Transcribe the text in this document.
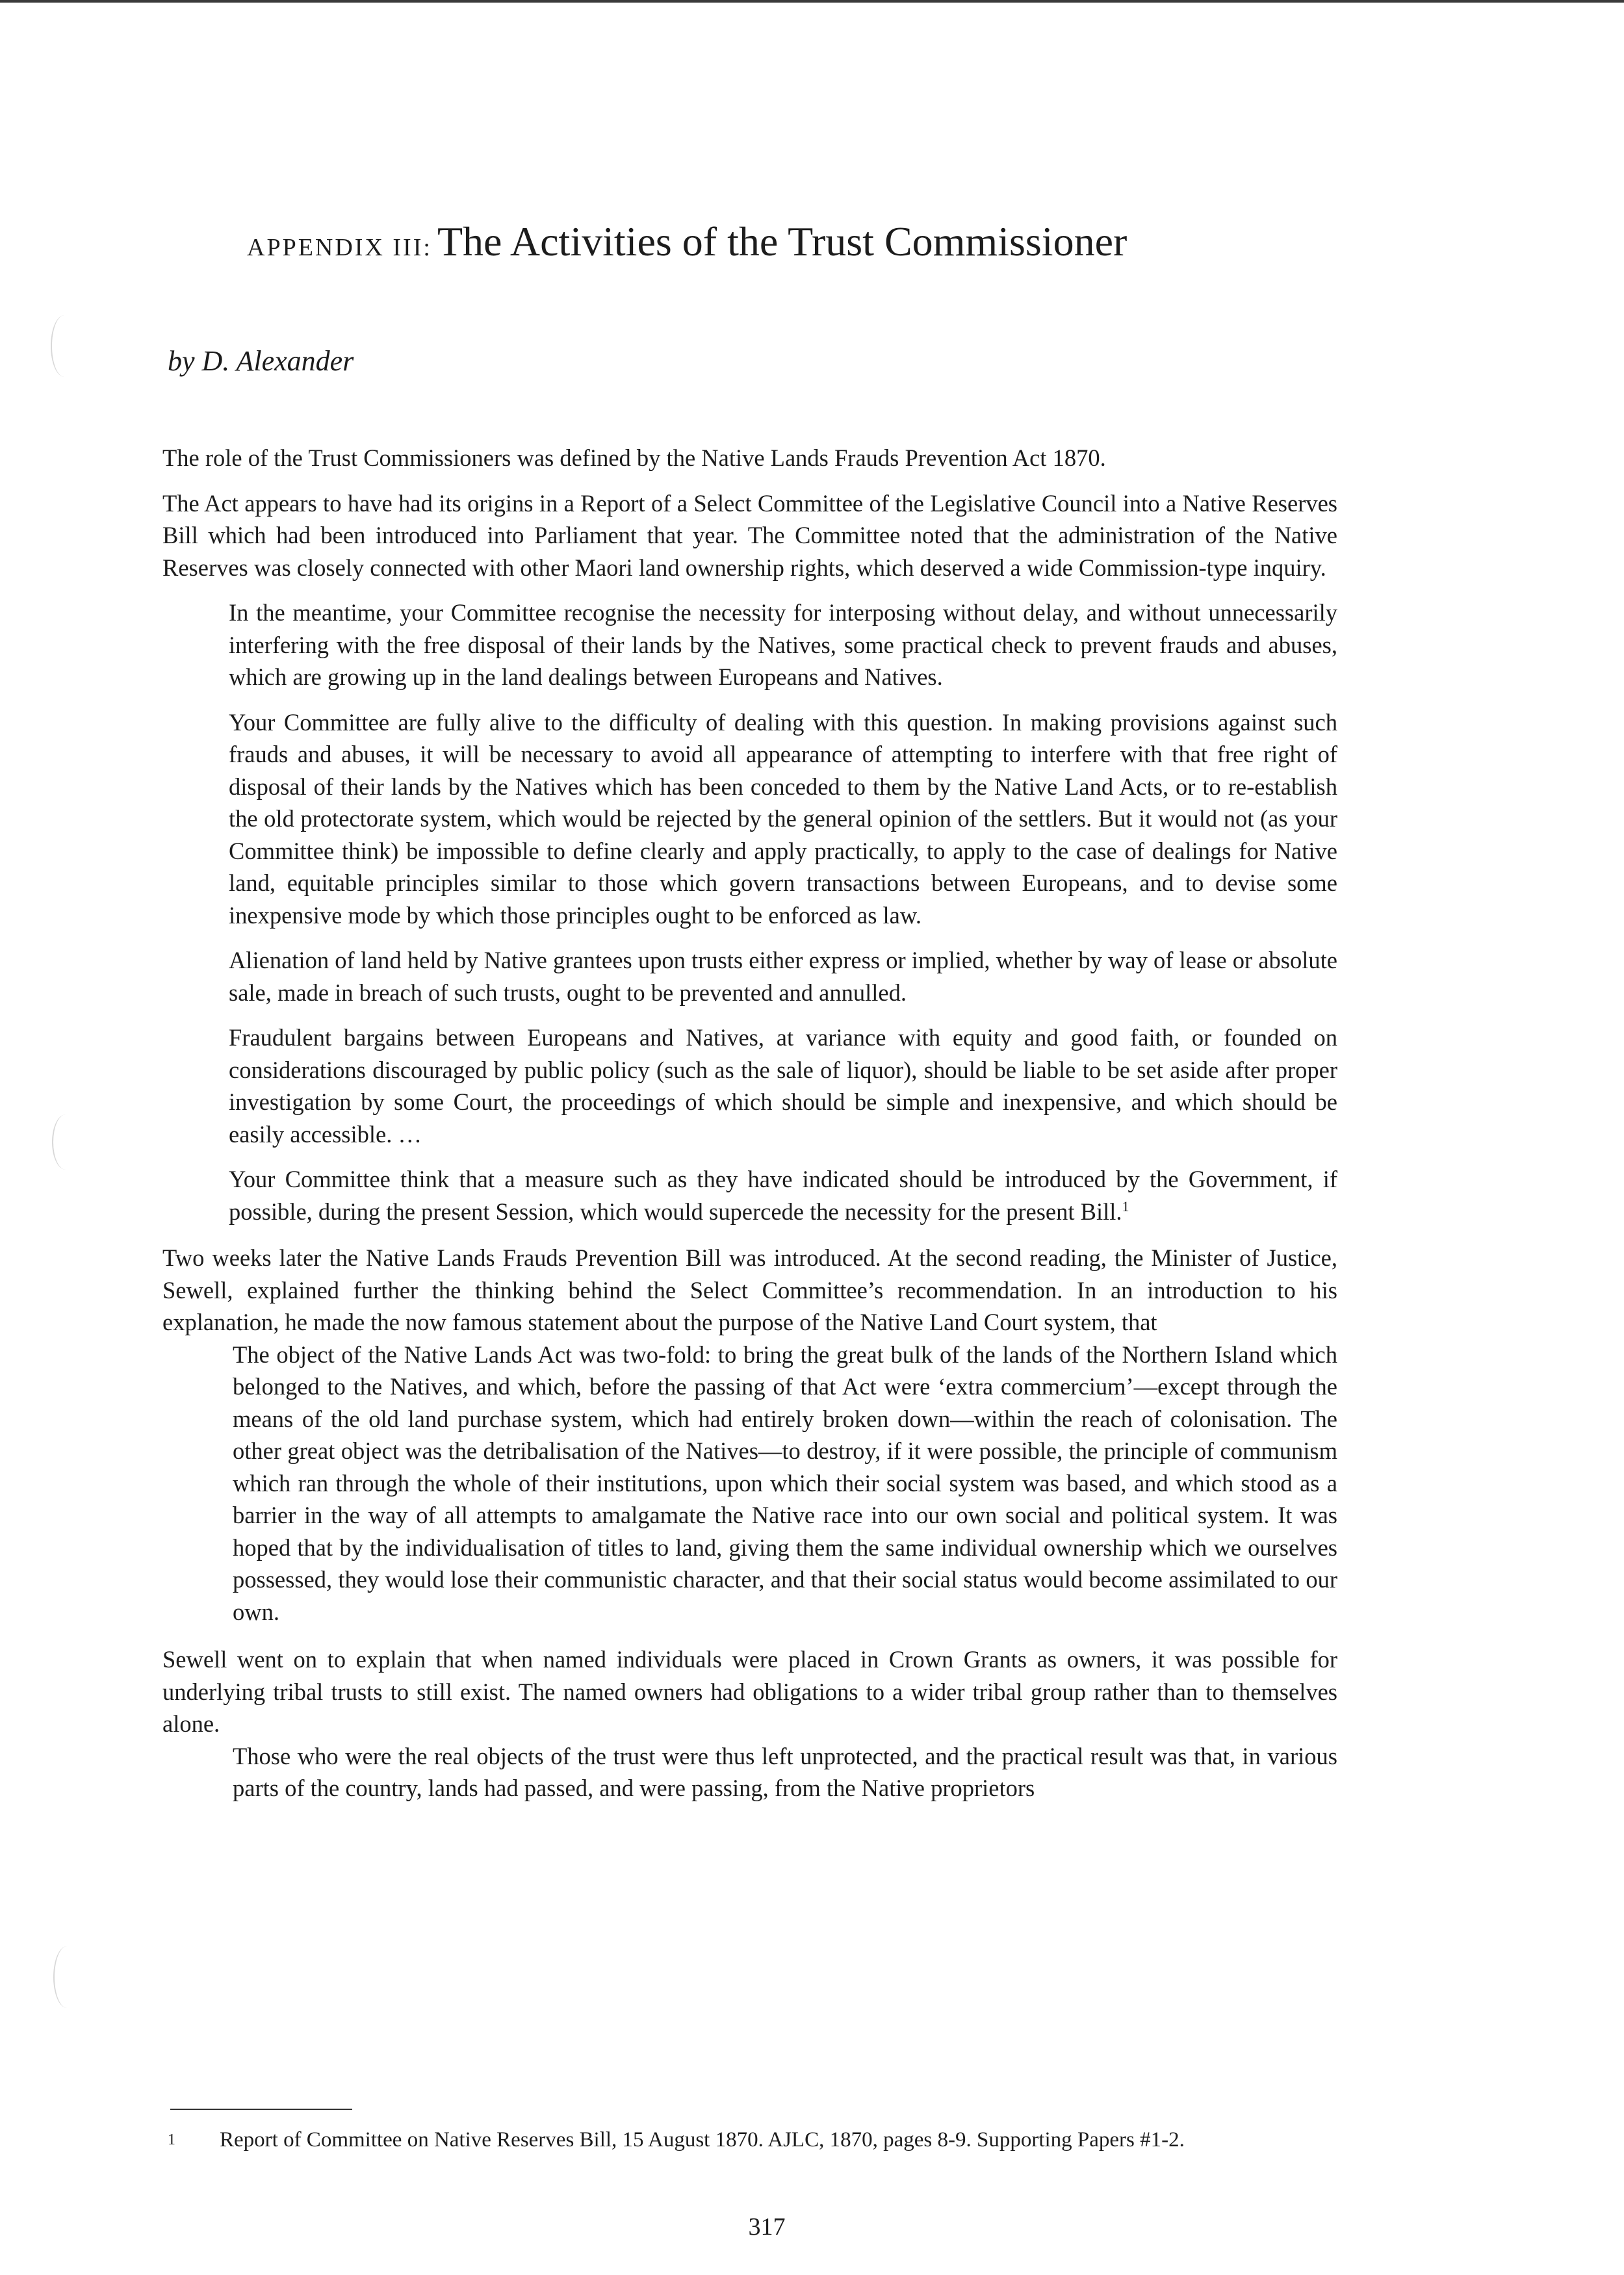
APPENDIX III: The Activities of the Trust Commissioner

by D. Alexander

The role of the Trust Commissioners was defined by the Native Lands Frauds Prevention Act 1870.

The Act appears to have had its origins in a Report of a Select Committee of the Legislative Council into a Native Reserves Bill which had been introduced into Parliament that year. The Committee noted that the administration of the Native Reserves was closely connected with other Maori land ownership rights, which deserved a wide Commission-type inquiry.

In the meantime, your Committee recognise the necessity for interposing without delay, and without unnecessarily interfering with the free disposal of their lands by the Natives, some practical check to prevent frauds and abuses, which are growing up in the land dealings between Europeans and Natives.
Your Committee are fully alive to the difficulty of dealing with this question. In making provisions against such frauds and abuses, it will be necessary to avoid all appearance of attempting to interfere with that free right of disposal of their lands by the Natives which has been conceded to them by the Native Land Acts, or to re-establish the old protectorate system, which would be rejected by the general opinion of the settlers. But it would not (as your Committee think) be impossible to define clearly and apply practically, to apply to the case of dealings for Native land, equitable principles similar to those which govern transactions between Europeans, and to devise some inexpensive mode by which those principles ought to be enforced as law.
Alienation of land held by Native grantees upon trusts either express or implied, whether by way of lease or absolute sale, made in breach of such trusts, ought to be prevented and annulled.
Fraudulent bargains between Europeans and Natives, at variance with equity and good faith, or founded on considerations discouraged by public policy (such as the sale of liquor), should be liable to be set aside after proper investigation by some Court, the proceedings of which should be simple and inexpensive, and which should be easily accessible. …
Your Committee think that a measure such as they have indicated should be introduced by the Government, if possible, during the present Session, which would supercede the necessity for the present Bill.$^1$

Two weeks later the Native Lands Frauds Prevention Bill was introduced. At the second reading, the Minister of Justice, Sewell, explained further the thinking behind the Select Committee’s recommendation. In an introduction to his explanation, he made the now famous statement about the purpose of the Native Land Court system, that

The object of the Native Lands Act was two-fold: to bring the great bulk of the lands of the Northern Island which belonged to the Natives, and which, before the passing of that Act were ‘extra commercium’—except through the means of the old land purchase system, which had entirely broken down—within the reach of colonisation. The other great object was the detribalisation of the Natives—to destroy, if it were possible, the principle of communism which ran through the whole of their institutions, upon which their social system was based, and which stood as a barrier in the way of all attempts to amalgamate the Native race into our own social and political system. It was hoped that by the individualisation of titles to land, giving them the same individual ownership which we ourselves possessed, they would lose their communistic character, and that their social status would become assimilated to our own.

Sewell went on to explain that when named individuals were placed in Crown Grants as owners, it was possible for underlying tribal trusts to still exist. The named owners had obligations to a wider tribal group rather than to themselves alone.

Those who were the real objects of the trust were thus left unprotected, and the practical result was that, in various parts of the country, lands had passed, and were passing, from the Native proprietors
1 Report of Committee on Native Reserves Bill, 15 August 1870. AJLC, 1870, pages 8-9. Supporting Papers #1-2.
317
